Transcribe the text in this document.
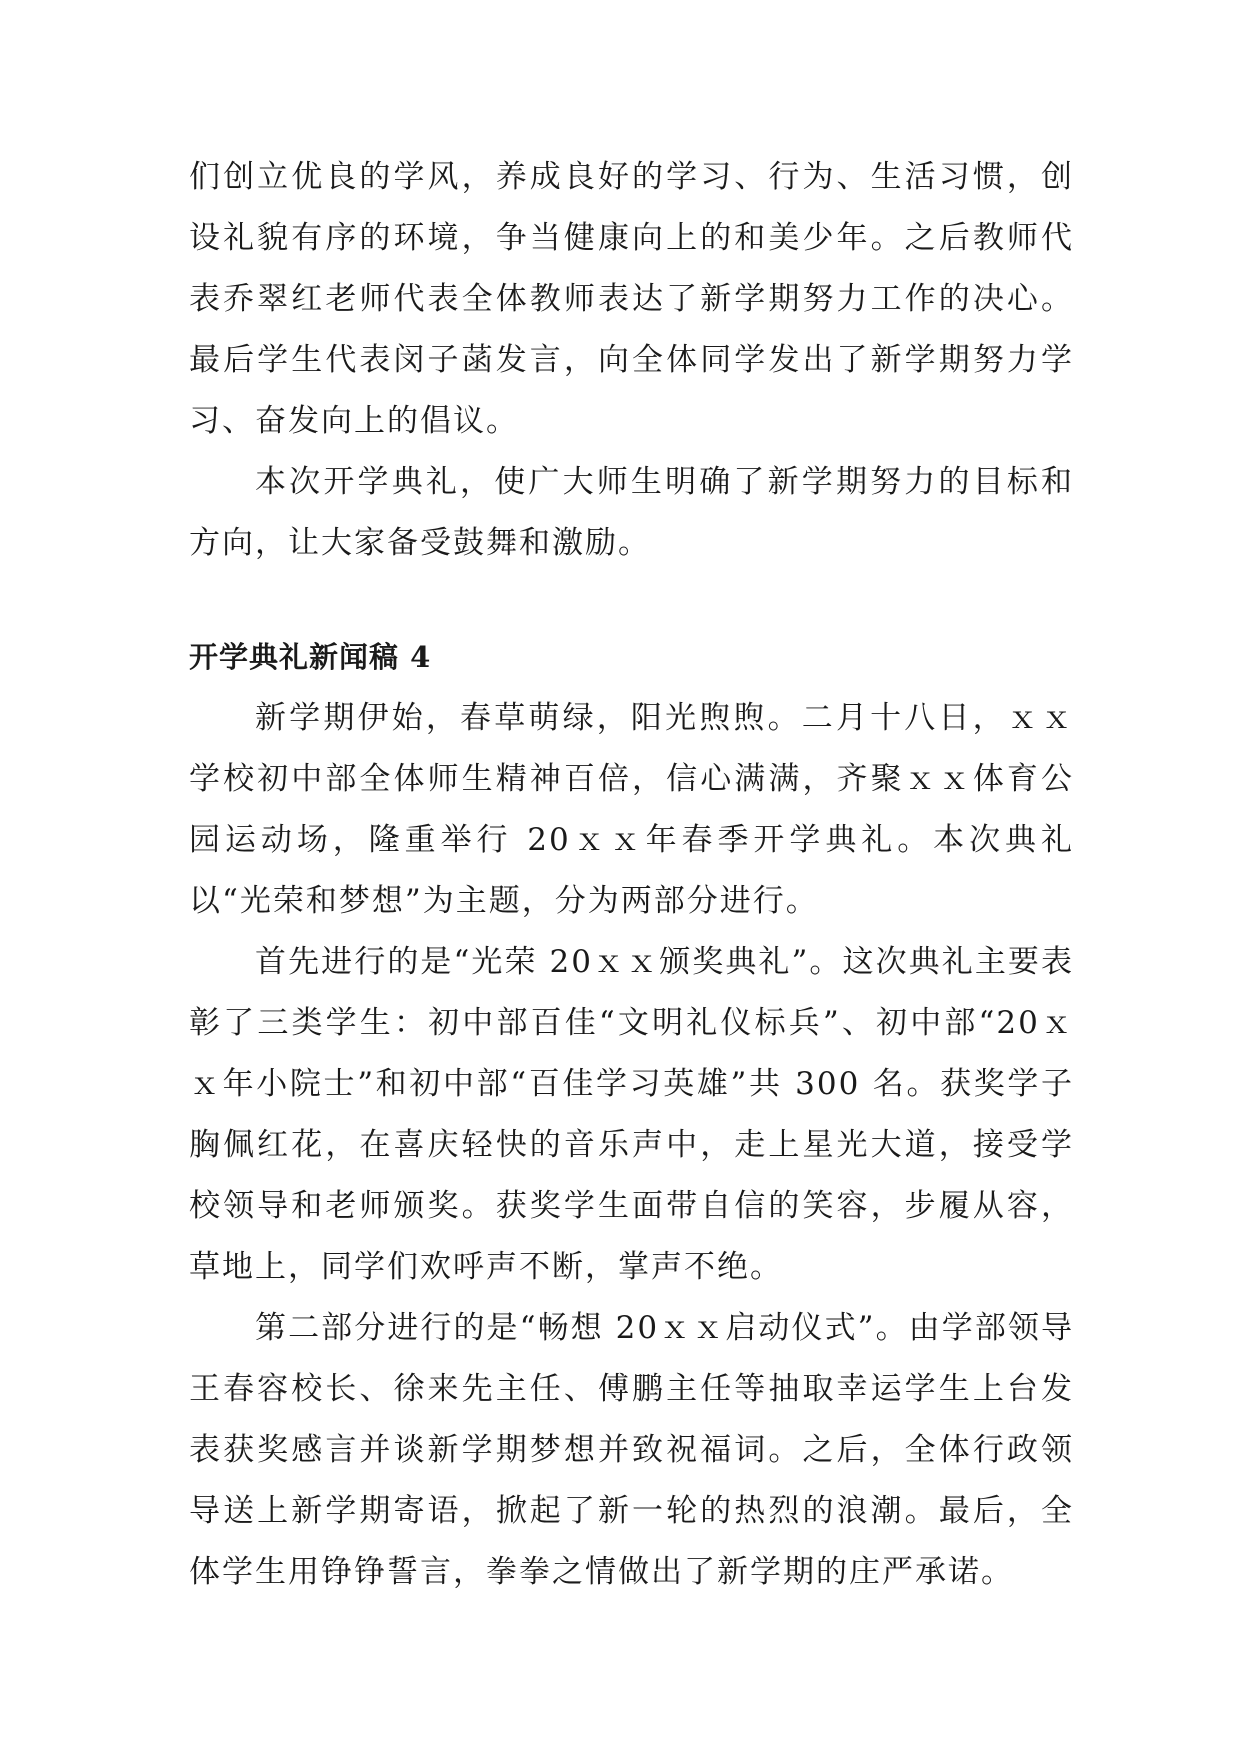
们创立优良的学风，养成良好的学习、行为、生活习惯，创设礼貌有序的环境，争当健康向上的和美少年。之后教师代表乔翠红老师代表全体教师表达了新学期努力工作的决心。最后学生代表闵子菡发言，向全体同学发出了新学期努力学习、奋发向上的倡议。

本次开学典礼，使广大师生明确了新学期努力的目标和方向，让大家备受鼓舞和激励。

开学典礼新闻稿 4

新学期伊始，春草萌绿，阳光煦煦。二月十八日，ｘｘ学校初中部全体师生精神百倍，信心满满，齐聚ｘｘ体育公园运动场，隆重举行 20ｘｘ年春季开学典礼。本次典礼以“光荣和梦想”为主题，分为两部分进行。

首先进行的是“光荣 20ｘｘ颁奖典礼”。这次典礼主要表彰了三类学生：初中部百佳“文明礼仪标兵”、初中部“20ｘｘ年小院士”和初中部“百佳学习英雄”共 300 名。获奖学子胸佩红花，在喜庆轻快的音乐声中，走上星光大道，接受学校领导和老师颁奖。获奖学生面带自信的笑容，步履从容，草地上，同学们欢呼声不断，掌声不绝。

第二部分进行的是“畅想 20ｘｘ启动仪式”。由学部领导王春容校长、徐来先主任、傅鹏主任等抽取幸运学生上台发表获奖感言并谈新学期梦想并致祝福词。之后，全体行政领导送上新学期寄语，掀起了新一轮的热烈的浪潮。最后，全体学生用铮铮誓言，拳拳之情做出了新学期的庄严承诺。
